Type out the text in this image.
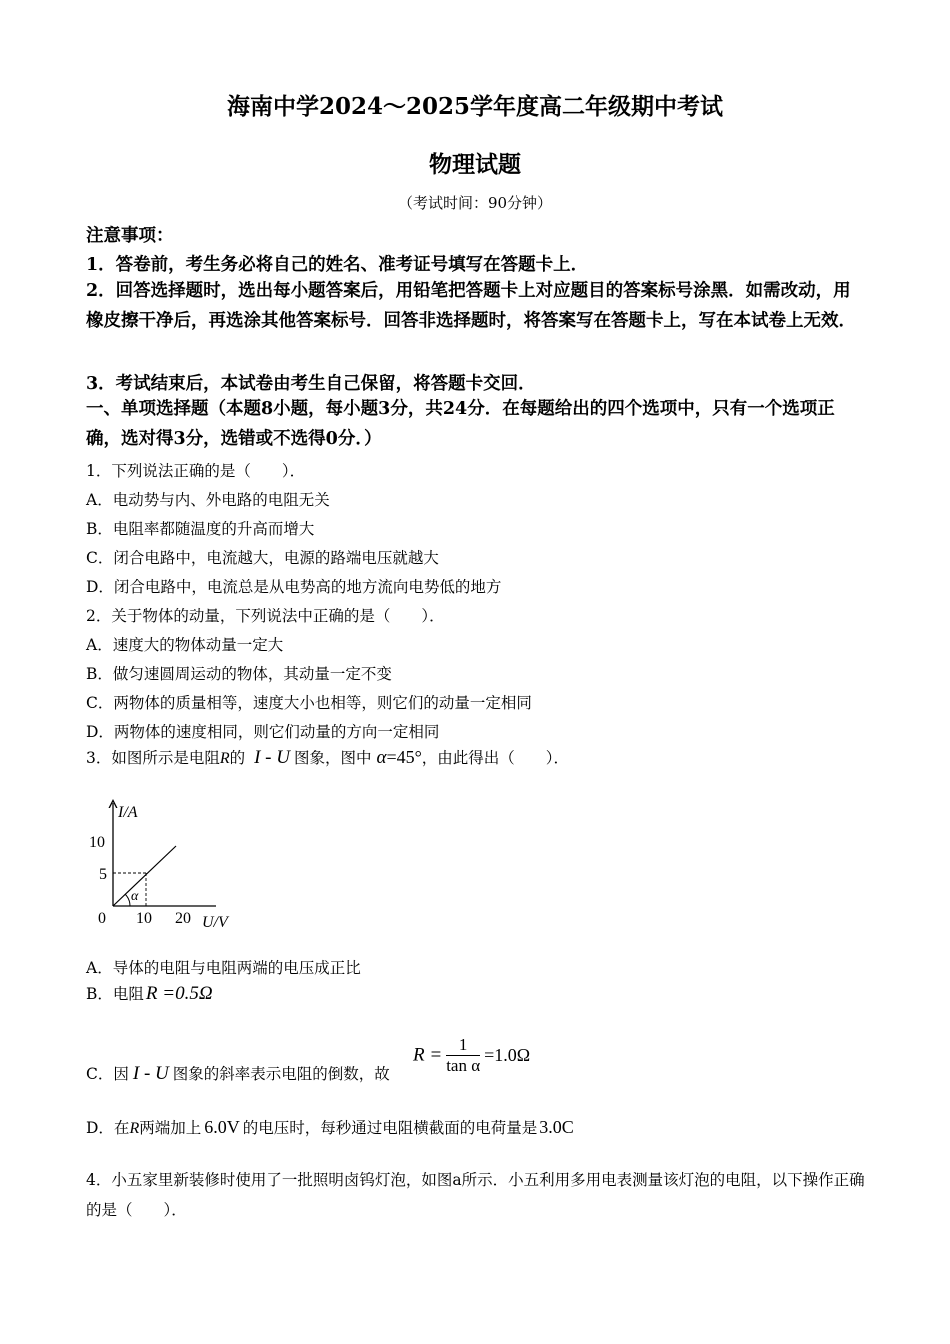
海南中学2024～2025学年度高二年级期中考试
物理试题
（考试时间：90分钟）
注意事项：
1．答卷前，考生务必将自己的姓名、准考证号填写在答题卡上．
2．回答选择题时，选出每小题答案后，用铅笔把答题卡上对应题目的答案标号涂黑．如需改动，用橡皮擦干净后，再选涂其他答案标号．回答非选择题时，将答案写在答题卡上，写在本试卷上无效．
3．考试结束后，本试卷由考生自己保留，将答题卡交回．
一、单项选择题（本题8小题，每小题3分，共24分．在每题给出的四个选项中，只有一个选项正确，选对得3分，选错或不选得0分．）
1．下列说法正确的是（　　）．
A．电动势与内、外电路的电阻无关
B．电阻率都随温度的升高而增大
C．闭合电路中，电流越大，电源的路端电压就越大
D．闭合电路中，电流总是从电势高的地方流向电势低的地方
2．关于物体的动量，下列说法中正确的是（　　）．
A．速度大的物体动量一定大
B．做匀速圆周运动的物体，其动量一定不变
C．两物体的质量相等，速度大小也相等，则它们的动量一定相同
D．两物体的速度相同，则它们动量的方向一定相同
3．如图所示是电阻R的 I - U 图象，图中 α=45°，由此得出（　　）．
I/A
10
5
0 10 20 U/V
α
A．导体的电阻与电阻两端的电压成正比
B．电阻 R =0.5Ω
C．因 I - U 图象的斜率表示电阻的倒数，故
$R = \frac{1}{\text{tan α}} =1.0\Omega$
D．在R两端加上 6.0V 的电压时，每秒通过电阻横截面的电荷量是 3.0C
4．小五家里新装修时使用了一批照明卤钨灯泡，如图a所示．小五利用多用电表测量该灯泡的电阻，以下操作正确的是（　　）．
